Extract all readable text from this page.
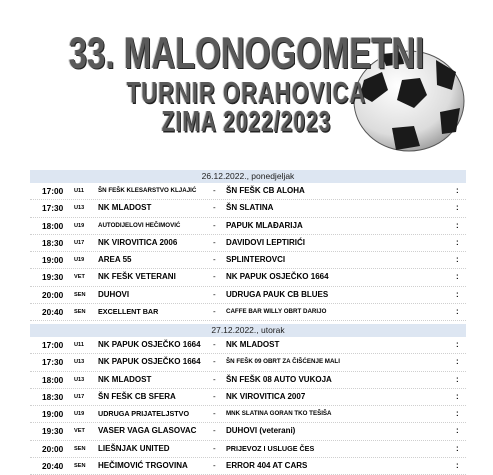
33. MALONOGOMETNI
TURNIR ORAHOVICA
ZIMA 2022/2023
26.12.2022., ponedjeljak
17:00 U11 ŠN FEŠK KLESARSTVO KLJAJIĆ - ŠN FEŠK CB ALOHA	:
17:30 U13 NK MLADOST	- ŠN SLATINA	:
18:00 U19 AUTODIJELOVI HEČIMOVIĆ	- PAPUK MLAĐARIJA	:
18:30 U17 NK VIROVITICA 2006	- DAVIDOVI LEPTIRIĆI	:
19:00 U19 AREA 55	- SPLINTEROVCI	:
19:30 VET NK FEŠK VETERANI	- NK PAPUK OSJEČKO 1664	:
20:00 SEN DUHOVI	- UDRUGA PAUK CB BLUES	:
20:40 SEN EXCELLENT BAR	- CAFFE BAR WILLY OBRT DARIJO	:
27.12.2022., utorak
17:00 U11 NK PAPUK OSJEČKO 1664 - NK MLADOST	:
17:30 U13 NK PAPUK OSJEČKO 1664 - ŠN FEŠK 09 OBRT ZA ČIŠĆENJE MALI	:
18:00 U13 NK MLADOST	- ŠN FEŠK 08 AUTO VUKOJA	:
18:30 U17 ŠN FEŠK CB SFERA	- NK VIROVITICA 2007	:
19:00 U19 UDRUGA PRIJATELJSTVO	- MNK SLATINA GORAN TKO TEŠIŠA	:
19:30 VET VASER VAGA GLASOVAC - DUHOVI (veterani)	:
20:00 SEN LIEŠNJAK UNITED	- PRIJEVOZ I USLUGE ČES	:
20:40 SEN HEČIMOVIĆ TRGOVINA	- ERROR 404 AT CARS	:
